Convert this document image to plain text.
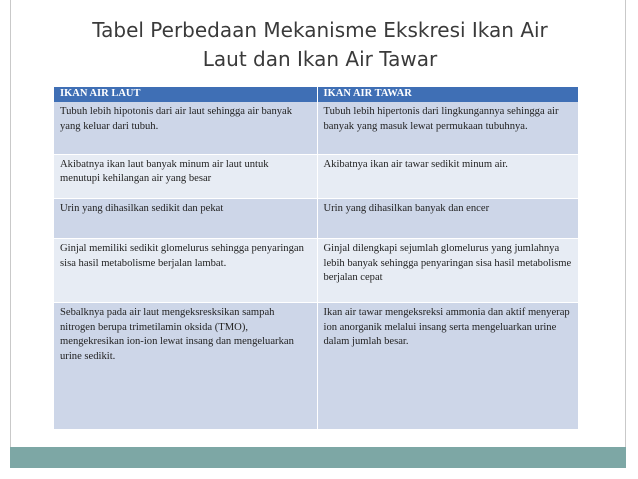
Tabel Perbedaan Mekanisme Ekskresi Ikan Air
Laut dan Ikan Air Tawar
IKAN AIR LAUT	IKAN AIR TAWAR
Tubuh lebih hipotonis dari air laut sehingga air banyak yang keluar dari tubuh.	Tubuh lebih hipertonis dari lingkungannya sehingga air banyak yang masuk lewat permukaan tubuhnya.
Akibatnya ikan laut banyak minum air laut untuk menutupi kehilangan air yang besar	Akibatnya ikan air tawar sedikit minum air.
Urin yang dihasilkan sedikit dan pekat	Urin yang dihasilkan banyak dan encer
Ginjal memiliki sedikit glomelurus sehingga penyaringan sisa hasil metabolisme berjalan lambat.	Ginjal dilengkapi sejumlah glomelurus yang jumlahnya lebih banyak sehingga penyaringan sisa hasil metabolisme berjalan cepat
Sebalknya pada air laut mengeksresksikan sampah nitrogen berupa trimetilamin oksida (TMO), mengekresikan ion-ion lewat insang dan mengeluarkan urine sedikit.	Ikan air tawar mengeksreksi ammonia dan aktif menyerap ion anorganik melalui insang serta mengeluarkan urine dalam jumlah besar.
